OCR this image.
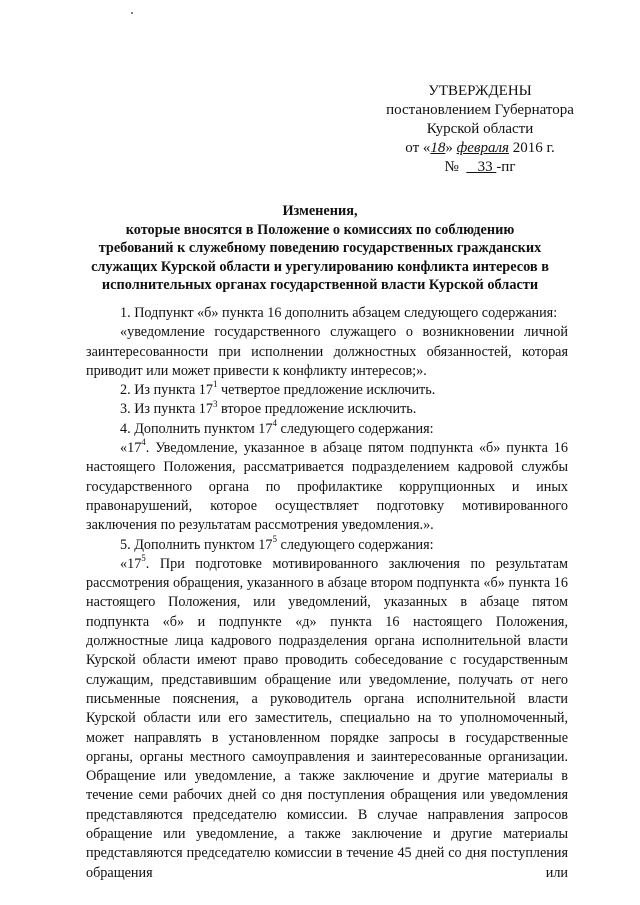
УТВЕРЖДЕНЫ
постановлением Губернатора
Курской области
от «18» февраля 2016 г.
№ 33 -пг
Изменения,
которые вносятся в Положение о комиссиях по соблюдению
требований к служебному поведению государственных гражданских
служащих Курской области и урегулированию конфликта интересов в
исполнительных органах государственной власти Курской области

1. Подпункт «б» пункта 16 дополнить абзацем следующего содержания:

«уведомление государственного служащего о возникновении личной заинтересованности при исполнении должностных обязанностей, которая приводит или может привести к конфликту интересов;».

2. Из пункта $17^1$ четвертое предложение исключить.

3. Из пункта $17^3$ второе предложение исключить.

4. Дополнить пунктом $17^4$ следующего содержания:

«$17^4$. Уведомление, указанное в абзаце пятом подпункта «б» пункта 16 настоящего Положения, рассматривается подразделением кадровой службы государственного органа по профилактике коррупционных и иных правонарушений, которое осуществляет подготовку мотивированного заключения по результатам рассмотрения уведомления.».

5. Дополнить пунктом $17^5$ следующего содержания:

«$17^5$. При подготовке мотивированного заключения по результатам рассмотрения обращения, указанного в абзаце втором подпункта «б» пункта 16 настоящего Положения, или уведомлений, указанных в абзаце пятом подпункта «б» и подпункте «д» пункта 16 настоящего Положения, должностные лица кадрового подразделения органа исполнительной власти Курской области имеют право проводить собеседование с государственным служащим, представившим обращение или уведомление, получать от него письменные пояснения, а руководитель органа исполнительной власти Курской области или его заместитель, специально на то уполномоченный, может направлять в установленном порядке запросы в государственные органы, органы местного самоуправления и заинтересованные организации. Обращение или уведомление, а также заключение и другие материалы в течение семи рабочих дней со дня поступления обращения или уведомления представляются председателю комиссии. В случае направления запросов обращение или уведомление, а также заключение и другие материалы представляются председателю комиссии в течение 45 дней со дня поступления обращения или
